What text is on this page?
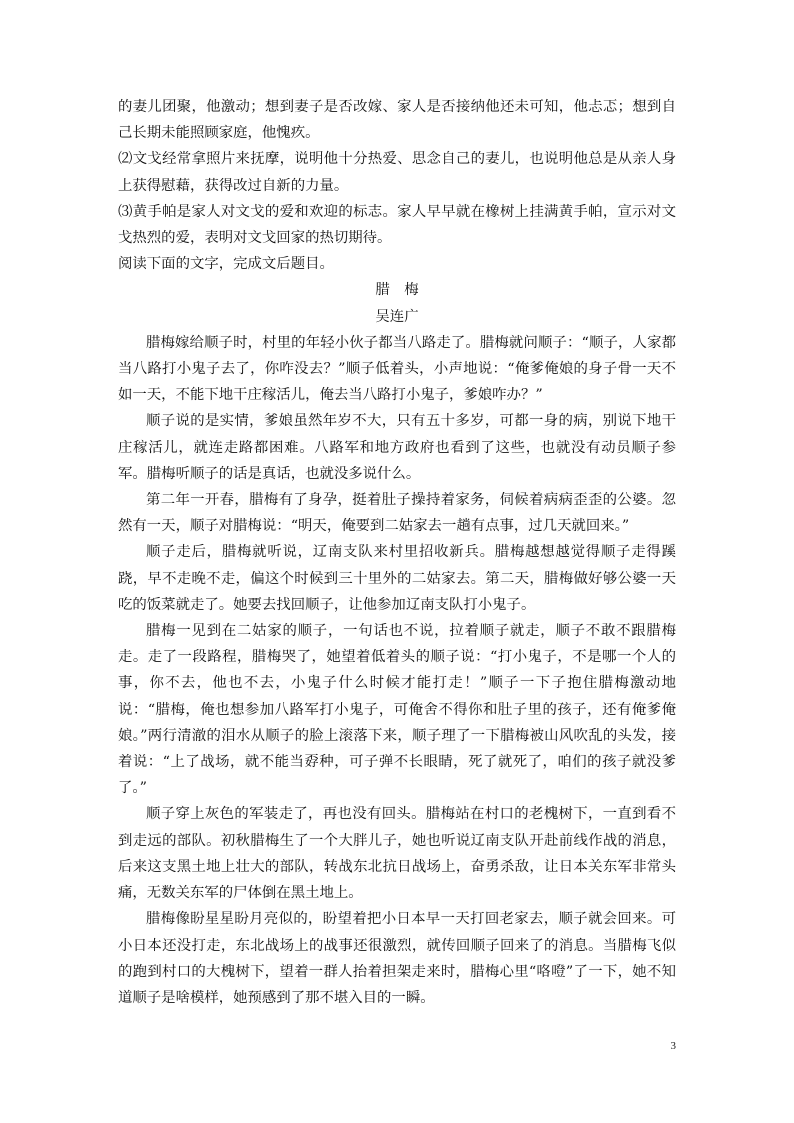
的妻儿团聚，他激动；想到妻子是否改嫁、家人是否接纳他还未可知，他忐忑；想到自己长期未能照顾家庭，他愧疚。

⑵文戈经常拿照片来抚摩，说明他十分热爱、思念自己的妻儿，也说明他总是从亲人身上获得慰藉，获得改过自新的力量。

⑶黄手帕是家人对文戈的爱和欢迎的标志。家人早早就在橡树上挂满黄手帕，宣示对文戈热烈的爱，表明对文戈回家的热切期待。

阅读下面的文字，完成文后题目。

腊　梅

吴连广

腊梅嫁给顺子时，村里的年轻小伙子都当八路走了。腊梅就问顺子：“顺子，人家都当八路打小鬼子去了，你咋没去？”顺子低着头，小声地说：“俺爹俺娘的身子骨一天不如一天，不能下地干庄稼活儿，俺去当八路打小鬼子，爹娘咋办？”

顺子说的是实情，爹娘虽然年岁不大，只有五十多岁，可都一身的病，别说下地干庄稼活儿，就连走路都困难。八路军和地方政府也看到了这些，也就没有动员顺子参军。腊梅听顺子的话是真话，也就没多说什么。

第二年一开春，腊梅有了身孕，挺着肚子操持着家务，伺候着病病歪歪的公婆。忽然有一天，顺子对腊梅说：“明天，俺要到二姑家去一趟有点事，过几天就回来。”

顺子走后，腊梅就听说，辽南支队来村里招收新兵。腊梅越想越觉得顺子走得蹊跷，早不走晚不走，偏这个时候到三十里外的二姑家去。第二天，腊梅做好够公婆一天吃的饭菜就走了。她要去找回顺子，让他参加辽南支队打小鬼子。

腊梅一见到在二姑家的顺子，一句话也不说，拉着顺子就走，顺子不敢不跟腊梅走。走了一段路程，腊梅哭了，她望着低着头的顺子说：“打小鬼子，不是哪一个人的事，你不去，他也不去，小鬼子什么时候才能打走！”顺子一下子抱住腊梅激动地说：“腊梅，俺也想参加八路军打小鬼子，可俺舍不得你和肚子里的孩子，还有俺爹俺娘。”两行清澈的泪水从顺子的脸上滚落下来，顺子理了一下腊梅被山风吹乱的头发，接着说：“上了战场，就不能当孬种，可子弹不长眼睛，死了就死了，咱们的孩子就没爹了。”

顺子穿上灰色的军装走了，再也没有回头。腊梅站在村口的老槐树下，一直到看不到走远的部队。初秋腊梅生了一个大胖儿子，她也听说辽南支队开赴前线作战的消息，后来这支黑土地上壮大的部队，转战东北抗日战场上，奋勇杀敌，让日本关东军非常头痛，无数关东军的尸体倒在黑土地上。

腊梅像盼星星盼月亮似的，盼望着把小日本早一天打回老家去，顺子就会回来。可小日本还没打走，东北战场上的战事还很激烈，就传回顺子回来了的消息。当腊梅飞似的跑到村口的大槐树下，望着一群人抬着担架走来时，腊梅心里“咯噔”了一下，她不知道顺子是啥模样，她预感到了那不堪入目的一瞬。

3
